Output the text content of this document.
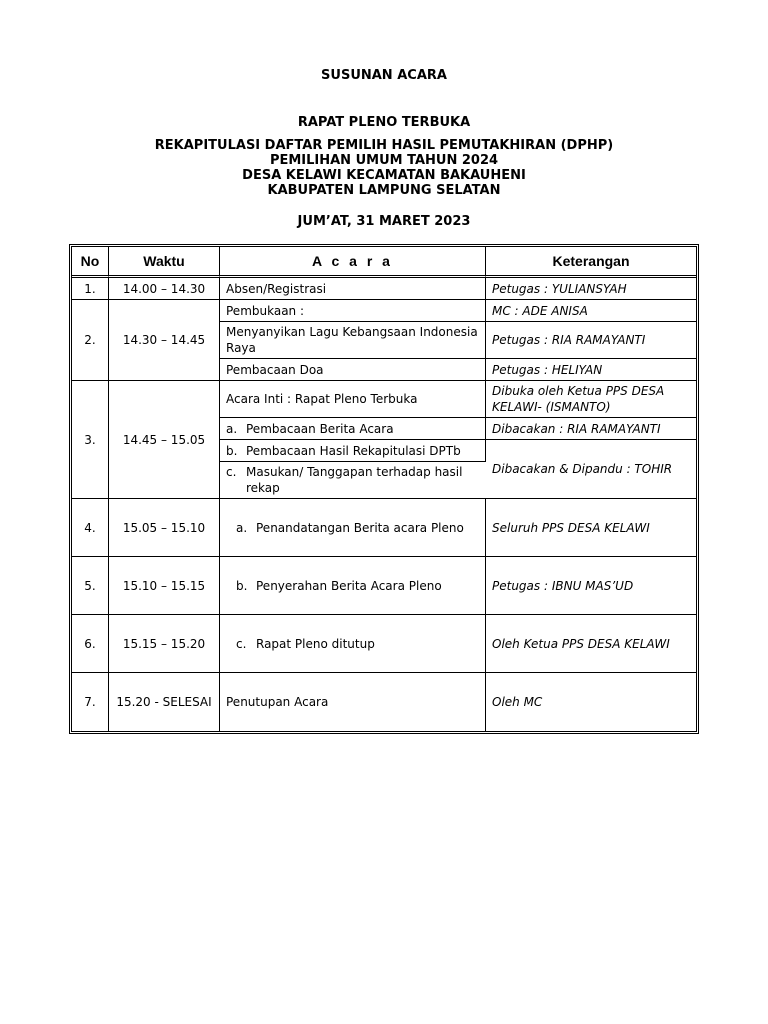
SUSUNAN ACARA

RAPAT PLENO TERBUKA

REKAPITULASI DAFTAR PEMILIH HASIL PEMUTAKHIRAN (DPHP)
PEMILIHAN UMUM TAHUN 2024
DESA KELAWI KECAMATAN BAKAUHENI
KABUPATEN LAMPUNG SELATAN

JUM’AT, 31 MARET 2023

No	Waktu	A c a r a	Keterangan
1.	14.00 – 14.30	Absen/Registrasi	Petugas : YULIANSYAH
2.	14.30 – 14.45	Pembukaan :	MC : ADE ANISA
		Menyanyikan Lagu Kebangsaan Indonesia Raya	Petugas : RIA RAMAYANTI
		Pembacaan Doa	Petugas : HELIYAN
3.	14.45 – 15.05	Acara Inti : Rapat Pleno Terbuka	Dibuka oleh Ketua PPS DESA KELAWI- (ISMANTO)

		a. Pembacaan Berita Acara	Dibacakan : RIA RAMAYANTI

		b. Pembacaan Hasil Rekapitulasi DPTb	Dibacakan & Dipandu : TOHIR

		c. Masukan/ Tanggapan terhadap hasil rekap	

4.	15.05 – 15.10	a. Penandatangan Berita acara Pleno	Seluruh PPS DESA KELAWI
5.	15.10 – 15.15	b. Penyerahan Berita Acara Pleno	Petugas : IBNU MAS’UD
6.	15.15 – 15.20	c. Rapat Pleno ditutup	Oleh Ketua PPS DESA KELAWI
7.	15.20 - SELESAI	Penutupan Acara	Oleh MC
